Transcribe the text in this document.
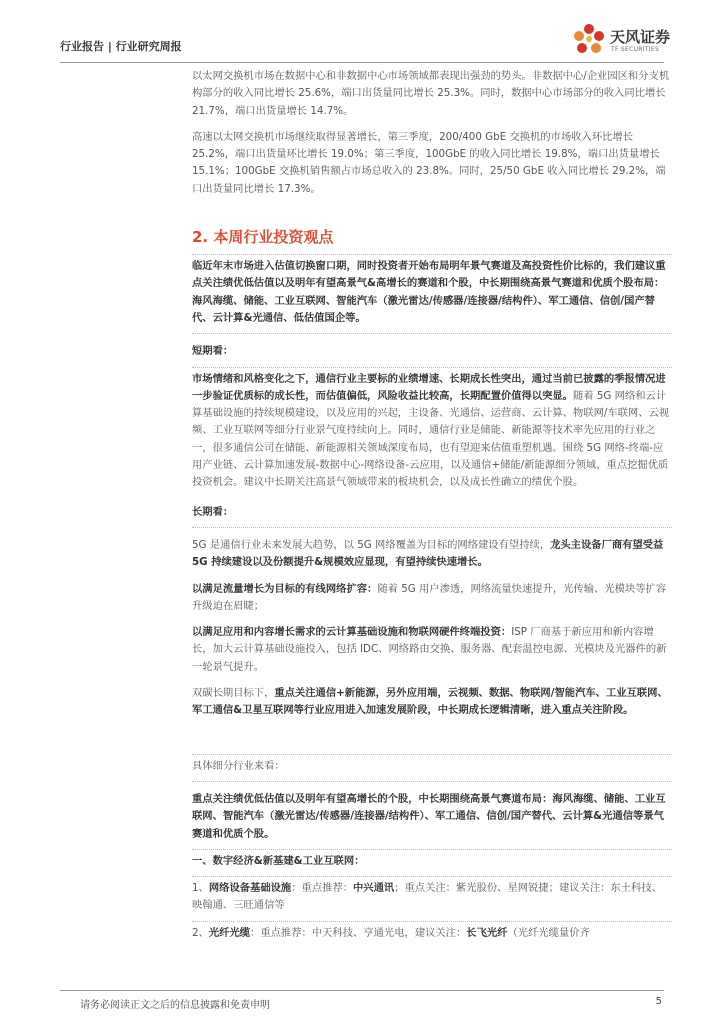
行业报告 | 行业研究周报
天风证券
TF SECURITIES

以太网交换机市场在数据中心和非数据中心市场领域都表现出强劲的势头。非数据中心/企业园区和分支机构部分的收入同比增长 25.6%，端口出货量同比增长 25.3%。同时，数据中心市场部分的收入同比增长 21.7%，端口出货量增长 14.7%。

高速以太网交换机市场继续取得显著增长，第三季度，200/400 GbE 交换机的市场收入环比增长 25.2%，端口出货量环比增长 19.0%；第三季度，100GbE 的收入同比增长 19.8%，端口出货量增长 15.1%；100GbE 交换机销售额占市场总收入的 23.8%。同时，25/50 GbE 收入同比增长 29.2%，端口出货量同比增长 17.3%。

2. 本周行业投资观点

临近年末市场进入估值切换窗口期，同时投资者开始布局明年景气赛道及高投资性价比标的，我们建议重点关注绩优低估值以及明年有望高景气&高增长的赛道和个股，中长期围绕高景气赛道和优质个股布局：海风海缆、储能、工业互联网、智能汽车（激光雷达/传感器/连接器/结构件）、军工通信、信创/国产替代、云计算&光通信、低估值国企等。

短期看：

市场情绪和风格变化之下，通信行业主要标的业绩增速、长期成长性突出，通过当前已披露的季报情况进一步验证优质标的成长性，而估值偏低，风险收益比较高，长期配置价值得以突显。随着 5G 网络和云计算基础设施的持续规模建设，以及应用的兴起，主设备、光通信、运营商、云计算、物联网/车联网、云视频、工业互联网等细分行业景气度持续向上。同时，通信行业是储能、新能源等技术率先应用的行业之一，很多通信公司在储能、新能源相关领域深度布局，也有望迎来估值重塑机遇。围绕 5G 网络-终端-应用产业链、云计算加速发展-数据中心-网络设备-云应用，以及通信+储能/新能源细分领域，重点挖掘优质投资机会。建议中长期关注高景气领域带来的板块机会，以及成长性确立的绩优个股。

长期看：

5G 是通信行业未来发展大趋势，以 5G 网络覆盖为目标的网络建设有望持续，龙头主设备厂商有望受益 5G 持续建设以及份额提升&规模效应显现，有望持续快速增长。

以满足流量增长为目标的有线网络扩容：随着 5G 用户渗透，网络流量快速提升，光传输、光模块等扩容升级迫在眉睫；

以满足应用和内容增长需求的云计算基础设施和物联网硬件终端投资：ISP 厂商基于新应用和新内容增长，加大云计算基础设施投入，包括 IDC、网络路由交换、服务器、配套温控电源、光模块及光器件的新一轮景气提升。

双碳长期目标下，重点关注通信+新能源，另外应用端，云视频、数据、物联网/智能汽车、工业互联网、军工通信&卫星互联网等行业应用进入加速发展阶段，中长期成长逻辑清晰，进入重点关注阶段。

具体细分行业来看：

重点关注绩优低估值以及明年有望高增长的个股，中长期围绕高景气赛道布局：海风海缆、储能、工业互联网、智能汽车（激光雷达/传感器/连接器/结构件）、军工通信、信创/国产替代、云计算&光通信等景气赛道和优质个股。

一、数字经济&新基建&工业互联网：

1、网络设备基础设施：重点推荐：中兴通讯；重点关注：紫光股份、星网锐捷；建议关注：东土科技、映翰通、三旺通信等

2、光纤光缆：重点推荐：中天科技、亨通光电，建议关注：长飞光纤（光纤光缆量价齐

请务必阅读正文之后的信息披露和免责申明	5
